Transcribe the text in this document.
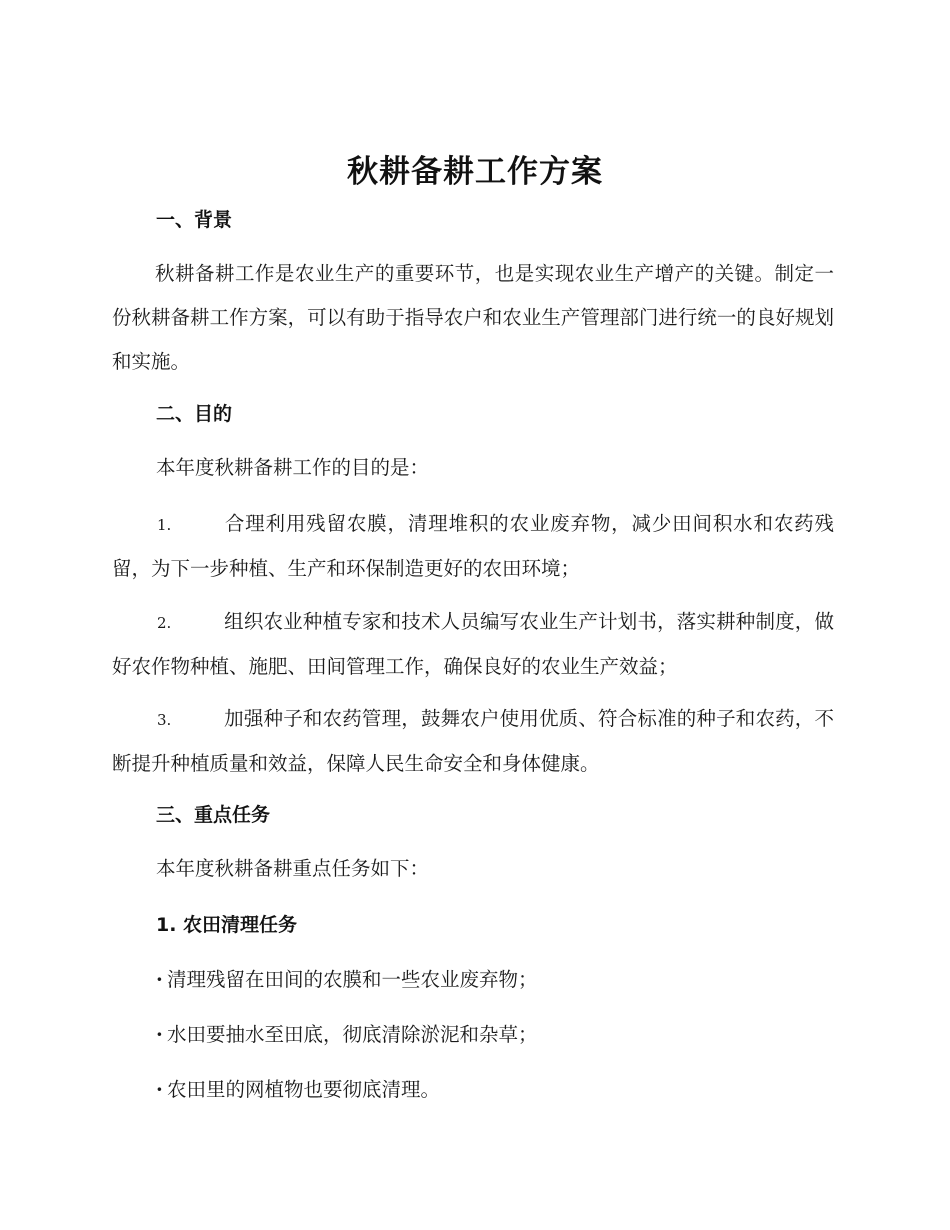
秋耕备耕工作方案
一、背景
秋耕备耕工作是农业生产的重要环节，也是实现农业生产增产的关键。制定一份秋耕备耕工作方案，可以有助于指导农户和农业生产管理部门进行统一的良好规划和实施。
二、目的
本年度秋耕备耕工作的目的是：
1.	合理利用残留农膜，清理堆积的农业废弃物，减少田间积水和农药残留，为下一步种植、生产和环保制造更好的农田环境；
2.	组织农业种植专家和技术人员编写农业生产计划书，落实耕种制度，做好农作物种植、施肥、田间管理工作，确保良好的农业生产效益；
3.	加强种子和农药管理，鼓舞农户使用优质、符合标准的种子和农药，不断提升种植质量和效益，保障人民生命安全和身体健康。
三、重点任务
本年度秋耕备耕重点任务如下：
1. 农田清理任务
· 清理残留在田间的农膜和一些农业废弃物；
· 水田要抽水至田底，彻底清除淤泥和杂草；
· 农田里的网植物也要彻底清理。
